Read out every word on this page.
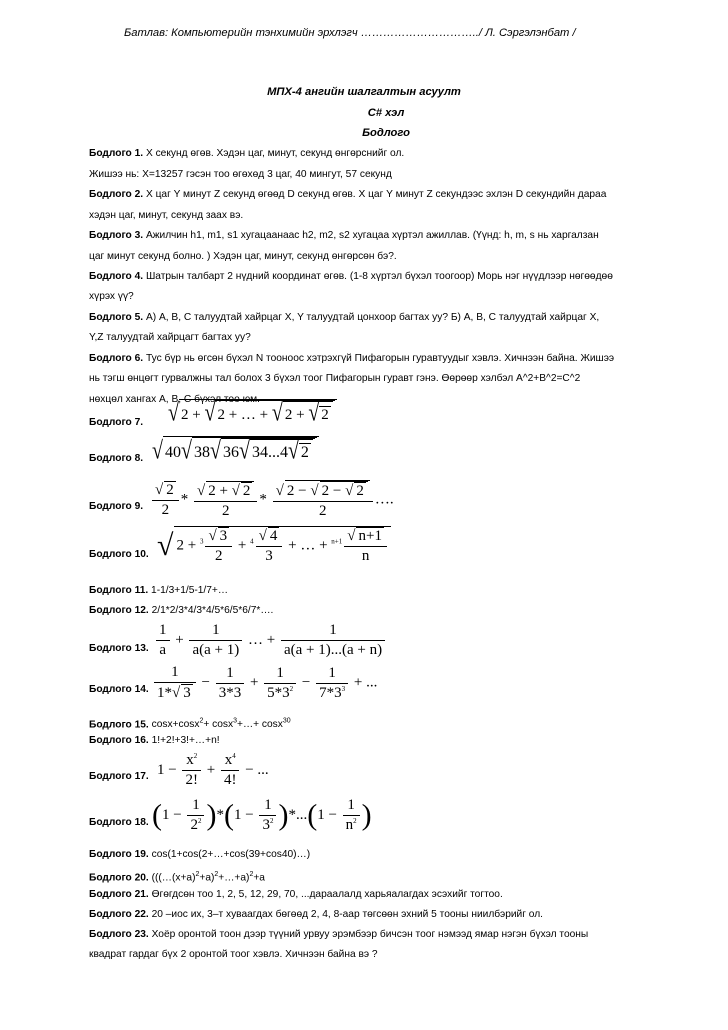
Батлав: Компьютерийн тэнхимийн эрхлэгч …………………………../ Л. Сэргэлэнбат /
МПХ-4 ангийн шалгалтын асуулт
C# хэл
Бодлого
Бодлого 1. Х секунд өгөв. Хэдэн цаг, минут, секунд өнгөрснийг ол.
Жишээ нь: Х=13257 гэсэн тоо өгөхөд 3 цаг, 40 мингут, 57 секунд
Бодлого 2. Х цаг Y минут Z секунд өгөөд D секунд өгөв. X цаг Y минут Z секундээс эхлэн D секундийн дараа
хэдэн цаг, минут, секунд заах вэ.
Бодлого 3. Ажилчин h1, m1, s1 хугацаанаас h2, m2, s2 хугацаа хүртэл ажиллав. (Үүнд: h, m, s нь харгалзан
цаг минут секунд болно. ) Хэдэн цаг, минут, секунд өнгөрсөн бэ?.
Бодлого 4. Шатрын талбарт 2 нүдний координат өгөв. (1-8 хүртэл бүхэл тоогоор) Морь нэг нүүдлээр нөгөөдөө
хүрэх үү?
Бодлого 5. А) A, B, C талуудтай хайрцаг X, Y талуудтай цонхоор багтах уу? Б) A, B, C талуудтай хайрцаг X,
Y,Z талуудтай хайрцагт багтах уу?
Бодлого 6. Тус бүр нь өгсөн бүхэл N тооноос хэтрэхгүй Пифагорын гуравтуудыг хэвлэ. Хичнээн байна. Жишээ
нь тэгш өнцөгт гурвалжны тал болох 3 бүхэл тоог Пифагорын гуравт гэнэ. Өөрөөр хэлбэл A^2+B^2=C^2
нөхцөл хангах A, B, C бүхэл тоо юм.
Бодлого 7.	√ 2 + √ 2 + … + √ 2 + √ 2
Бодлого 8. √ 40√ 38√ 36√ 34...4√ 2
Бодлого 9. $\frac{√ 2}{2} * \frac{√ 2 + √ 2}{2} * \frac{√ 2 - √ 2 - √ 2}{2}$ ….
Бодлого 10. √ $2 + ^3 \frac{√ 3}{2} + ^4 \frac{√ 4}{3}$ + … + $^{n+1} \frac{√ n+1}{n}$
Бодлого 11. 1-1/3+1/5-1/7+…
Бодлого 12. 2/1*2/3*4/3*4/5*6/5*6/7*….
Бодлого 13. $\frac{1}{a} + \frac{1}{a(a + 1)}$ … + $\frac{1}{a(a + 1)...(a + n)}$
Бодлого 14. $\frac{1}{1*√ 3} - \frac{1}{3*3} + \frac{1}{5*3^2} - \frac{1}{7*3^3}$ + ...
Бодлого 15. cosx+cosx$^2$+ cosx$^3$+…+ cosx$^{30}$
Бодлого 16. 1!+2!+3!+…+n!
Бодлого 17. $1 - \frac{x^2}{2!} + \frac{x^4}{4!}$ − ...
Бодлого 18. $(1 - \frac{1}{2^2} )*(1 - \frac{1}{3^2} )*...(1 - \frac{1}{n^2}$ )
Бодлого 19. cos(1+cos(2+…+cos(39+cos40)…)
Бодлого 20. ($((\dots(x+a)^2+a)^2+\dots+a)^2+a$
Бодлого 21. Өгөгдсөн тоо 1, 2, 5, 12, 29, 70, ...дараалалд харьяалагдах эсэхийг тогтоо.
Бодлого 22. 20 –иос их, 3–т хуваагдах бөгөөд 2, 4, 8-аар төгсөөн эхний 5 тооны ниилбэрийг ол.
Бодлого 23. Хоёр оронтой тоон дээр түүний урвуу эрэмбээр бичсэн тоог нэмээд ямар нэгэн бүхэл тооны
квадрат гардаг бүх 2 оронтой тоог хэвлэ. Хичнээн байна вэ ?
